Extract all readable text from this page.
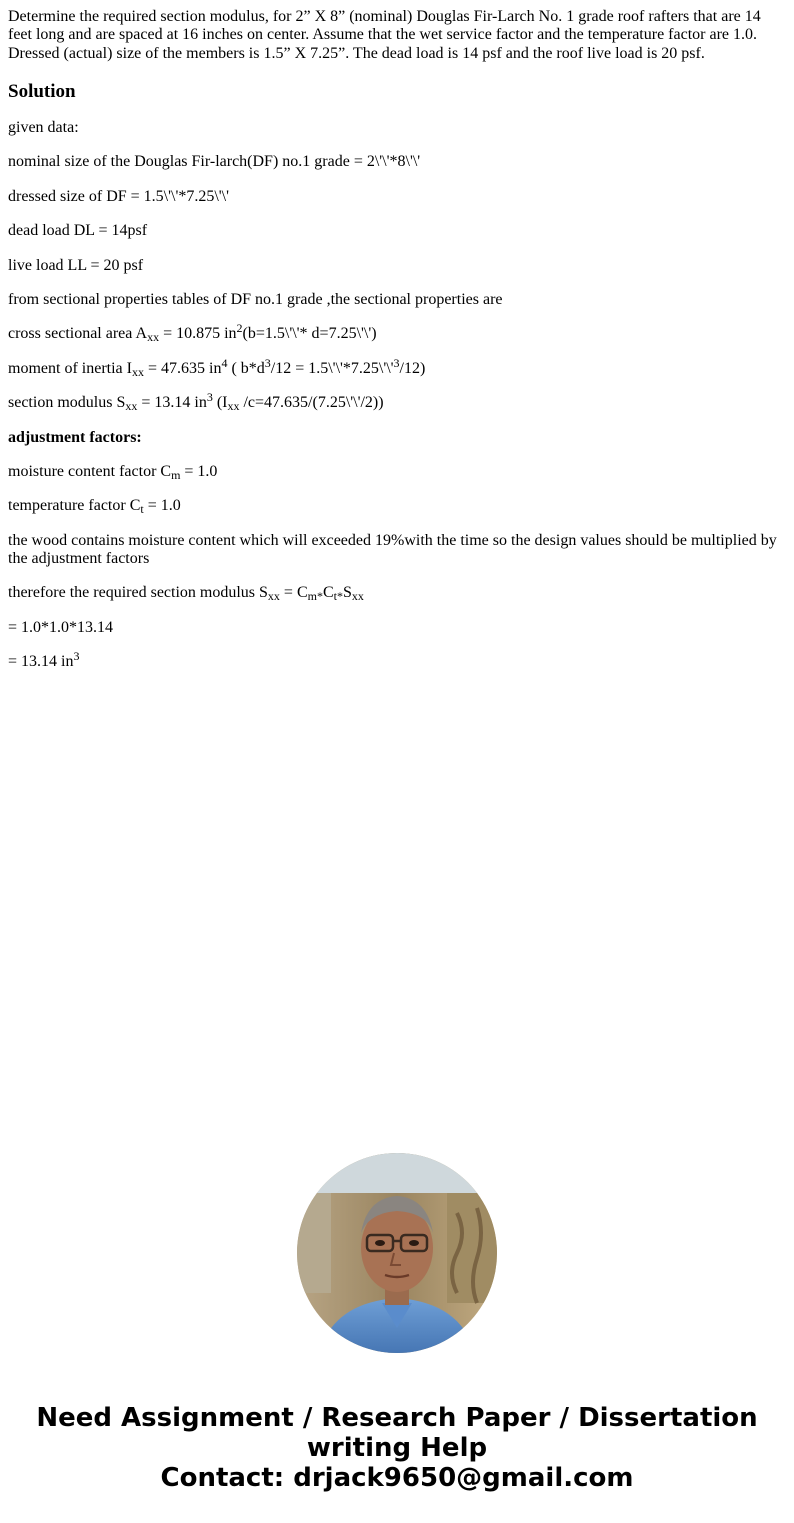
Determine the required section modulus, for 2” X 8” (nominal) Douglas Fir-Larch No. 1 grade roof rafters that are 14 feet long and are spaced at 16 inches on center. Assume that the wet service factor and the temperature factor are 1.0. Dressed (actual) size of the members is 1.5” X 7.25”. The dead load is 14 psf and the roof live load is 20 psf.

Solution

given data:

nominal size of the Douglas Fir-larch(DF) no.1 grade = 2\'\'*8\'\'

dressed size of DF = 1.5\'\'*7.25\'\'

dead load DL = 14psf

live load LL = 20 psf

from sectional properties tables of DF no.1 grade ,the sectional properties are

cross sectional area $A_{xx} = 10.875$ $in^2(b=1.5\backslash'\backslash'*$ d=7.25\'\')

moment of inertia $I_{xx} = 47.635$ $in^4$ ( $b*d^3/12$ = $1.5\backslash'\backslash'*7.25\backslash'\backslash'^3/12$)

section modulus $S_{xx} = 13.14$ $in^3$ ($I_{xx}$ /c=47.635/(7.25\'\'/2))

adjustment factors:

moisture content factor $C_m = 1.0$

temperature factor $C_t = 1.0$

the wood contains moisture content which will exceeded 19%with the time so the design values should be multiplied by the adjustment factors

therefore the required section modulus $S_{xx} = C_{m*}C_{t*}S_{xx}$

= 1.0*1.0*13.14

= 13.14 $in^3$

Need Assignment / Research Paper / Dissertation
writing Help
Contact: drjack9650@gmail.com
